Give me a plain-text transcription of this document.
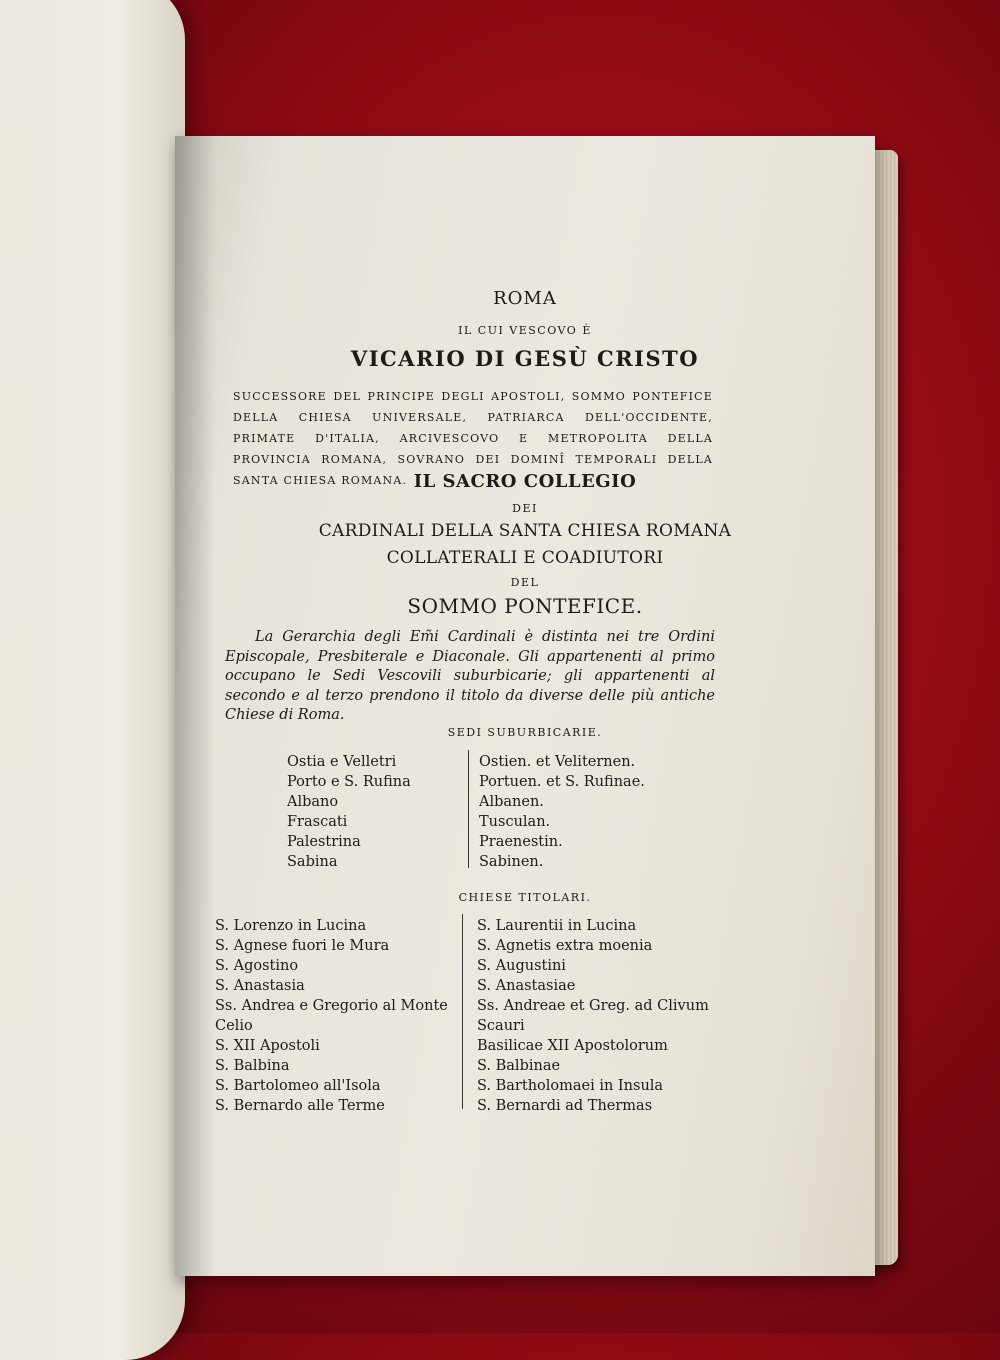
ROMA
IL CUI VESCOVO È
VICARIO DI GESÙ CRISTO
SUCCESSORE DEL PRINCIPE DEGLI APOSTOLI, SOMMO PONTEFICE DELLA CHIESA UNIVERSALE, PATRIARCA DELL'OCCIDENTE, PRIMATE D'ITALIA, ARCIVESCOVO E METROPOLITA DELLA PROVINCIA ROMANA, SOVRANO DEI DOMINÎ TEMPORALI DELLA SANTA CHIESA ROMANA. IL SACRO COLLEGIO
DEI
CARDINALI DELLA SANTA CHIESA ROMANA
COLLATERALI E COADIUTORI
DEL
SOMMO PONTEFICE.
La Gerarchia degli Em̃i Cardinali è distinta nei tre Ordini Episcopale, Presbiterale e Diaconale. Gli appartenenti al primo occupano le Sedi Vescovili suburbicarie; gli appartenenti al secondo e al terzo prendono il titolo da diverse delle più antiche Chiese di Roma.
SEDI SUBURBICARIE.
Ostia e Velletri
Porto e S. Rufina
Albano
Frascati
Palestrina
Sabina
Ostien. et Veliternen.
Portuen. et S. Rufinae.
Albanen.
Tusculan.
Praenestin.
Sabinen.
CHIESE TITOLARI.
S. Lorenzo in Lucina
S. Agnese fuori le Mura
S. Agostino
S. Anastasia
Ss. Andrea e Gregorio al Monte Celio
S. XII Apostoli
S. Balbina
S. Bartolomeo all'Isola
S. Bernardo alle Terme
S. Laurentii in Lucina
S. Agnetis extra moenia
S. Augustini
S. Anastasiae
Ss. Andreae et Greg. ad Clivum Scauri
Basilicae XII Apostolorum
S. Balbinae
S. Bartholomaei in Insula
S. Bernardi ad Thermas
